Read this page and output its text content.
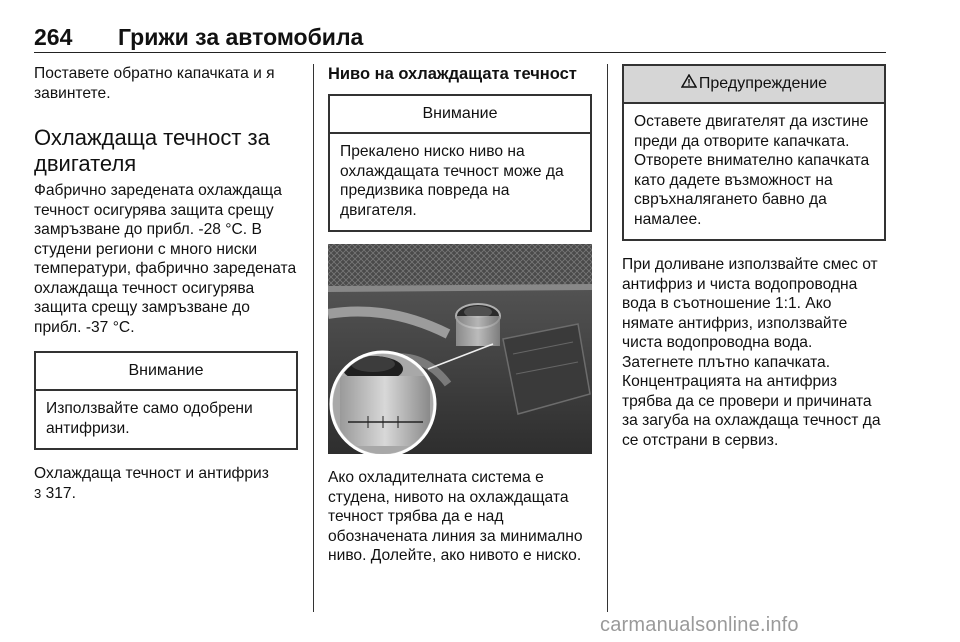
264 Грижи за автомобила

Поставете обратно капачката и я завинтете.

Охлаждаща течност за двигателя

Фабрично заредената охлаждаща течност осигурява защита срещу замръзване до прибл. -28 °C. В студени региони с много ниски температури, фабрично заредената охлаждаща течност осигурява защита срещу замръзване до прибл. -37 °C.

Внимание
Използвайте само одобрени антифризи.

Охлаждаща течност и антифриз
3 317.

Ниво на охлаждащата течност
Внимание
Прекалено ниско ниво на охлаждащата течност може да предизвика повреда на двигателя.

Ако охладителната система е студена, нивото на охлаждащата течност трябва да е над обозначената линия за минимално ниво. Долейте, ако нивото е ниско.

Предупреждение
Оставете двигателят да изстине преди да отворите капачката. Отворете внимателно капачката като дадете възможност на свръхналягането бавно да намалее.

При доливане използвайте смес от антифриз и чиста водопроводна вода в съотношение 1:1. Ако нямате антифриз, използвайте чиста водопроводна вода. Затегнете плътно капачката. Концентрацията на антифриз трябва да се провери и причината за загуба на охлаждаща течност да се отстрани в сервиз.

carmanualsonline.info
